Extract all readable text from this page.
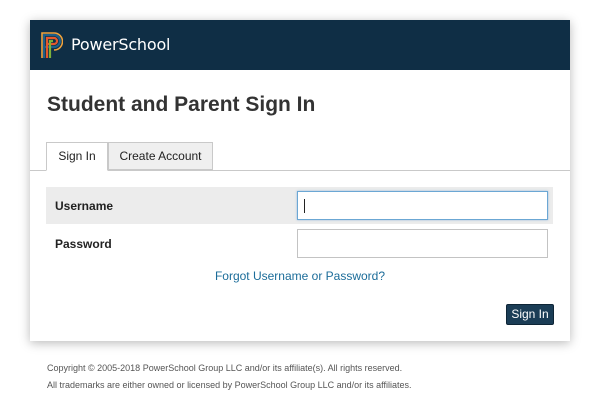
PowerSchool
Student and Parent Sign In
Sign In	Create Account
Username
Password
Forgot Username or Password?
Sign In
Copyright © 2005-2018 PowerSchool Group LLC and/or its affiliate(s). All rights reserved.
All trademarks are either owned or licensed by PowerSchool Group LLC and/or its affiliates.
